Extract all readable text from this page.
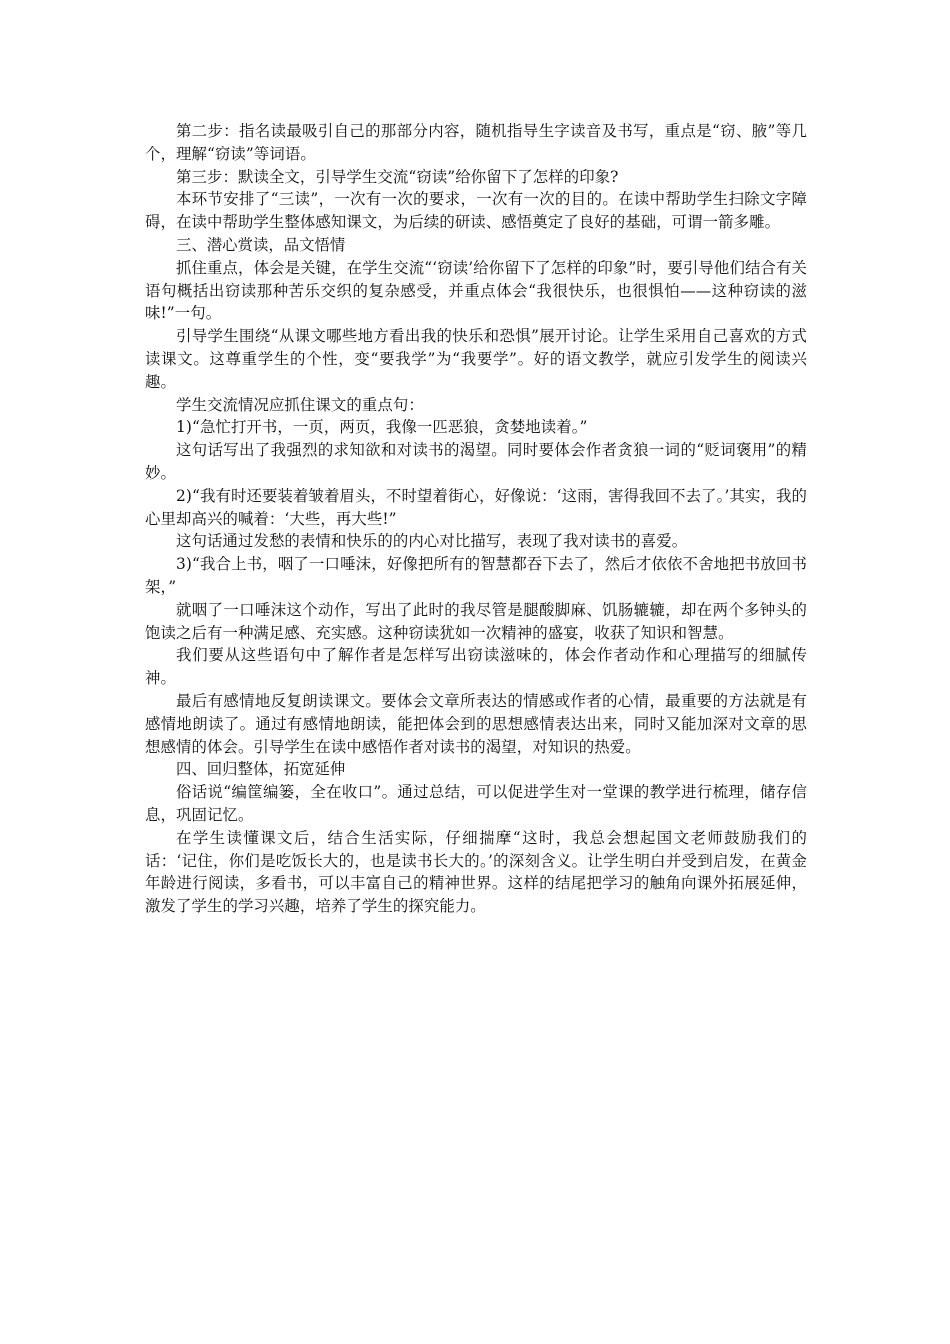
第二步：指名读最吸引自己的那部分内容，随机指导生字读音及书写，重点是“窃、腋”等几个，理解“窃读”等词语。

第三步：默读全文，引导学生交流“窃读”给你留下了怎样的印象?

本环节安排了“三读”，一次有一次的要求，一次有一次的目的。在读中帮助学生扫除文字障碍，在读中帮助学生整体感知课文，为后续的研读、感悟奠定了良好的基础，可谓一箭多雕。

三、潜心赏读，品文悟情

抓住重点，体会是关键，在学生交流“‘窃读’给你留下了怎样的印象”时，要引导他们结合有关语句概括出窃读那种苦乐交织的复杂感受，并重点体会“我很快乐，也很惧怕——这种窃读的滋味!”一句。

引导学生围绕“从课文哪些地方看出我的快乐和恐惧”展开讨论。让学生采用自己喜欢的方式读课文。这尊重学生的个性，变“要我学”为“我要学”。好的语文教学，就应引发学生的阅读兴趣。

学生交流情况应抓住课文的重点句：

1)“急忙打开书，一页，两页，我像一匹恶狼，贪婪地读着。”

这句话写出了我强烈的求知欲和对读书的渴望。同时要体会作者贪狼一词的“贬词褒用”的精妙。

2)“我有时还要装着皱着眉头，不时望着街心，好像说：‘这雨，害得我回不去了。’其实，我的心里却高兴的喊着：‘大些，再大些!”

这句话通过发愁的表情和快乐的的内心对比描写，表现了我对读书的喜爱。

3)“我合上书，咽了一口唾沫，好像把所有的智慧都吞下去了，然后才依依不舍地把书放回书架，”

就咽了一口唾沫这个动作，写出了此时的我尽管是腿酸脚麻、饥肠辘辘，却在两个多钟头的饱读之后有一种满足感、充实感。这种窃读犹如一次精神的盛宴，收获了知识和智慧。

我们要从这些语句中了解作者是怎样写出窃读滋味的，体会作者动作和心理描写的细腻传神。

最后有感情地反复朗读课文。要体会文章所表达的情感或作者的心情，最重要的方法就是有感情地朗读了。通过有感情地朗读，能把体会到的思想感情表达出来，同时又能加深对文章的思想感情的体会。引导学生在读中感悟作者对读书的渴望，对知识的热爱。

四、回归整体，拓宽延伸

俗话说“编筐编篓，全在收口”。通过总结，可以促进学生对一堂课的教学进行梳理，储存信息，巩固记忆。

在学生读懂课文后，结合生活实际，仔细揣摩“这时，我总会想起国文老师鼓励我们的话：‘记住，你们是吃饭长大的，也是读书长大的。’的深刻含义。让学生明白并受到启发，在黄金年龄进行阅读，多看书，可以丰富自己的精神世界。这样的结尾把学习的触角向课外拓展延伸，激发了学生的学习兴趣，培养了学生的探究能力。
